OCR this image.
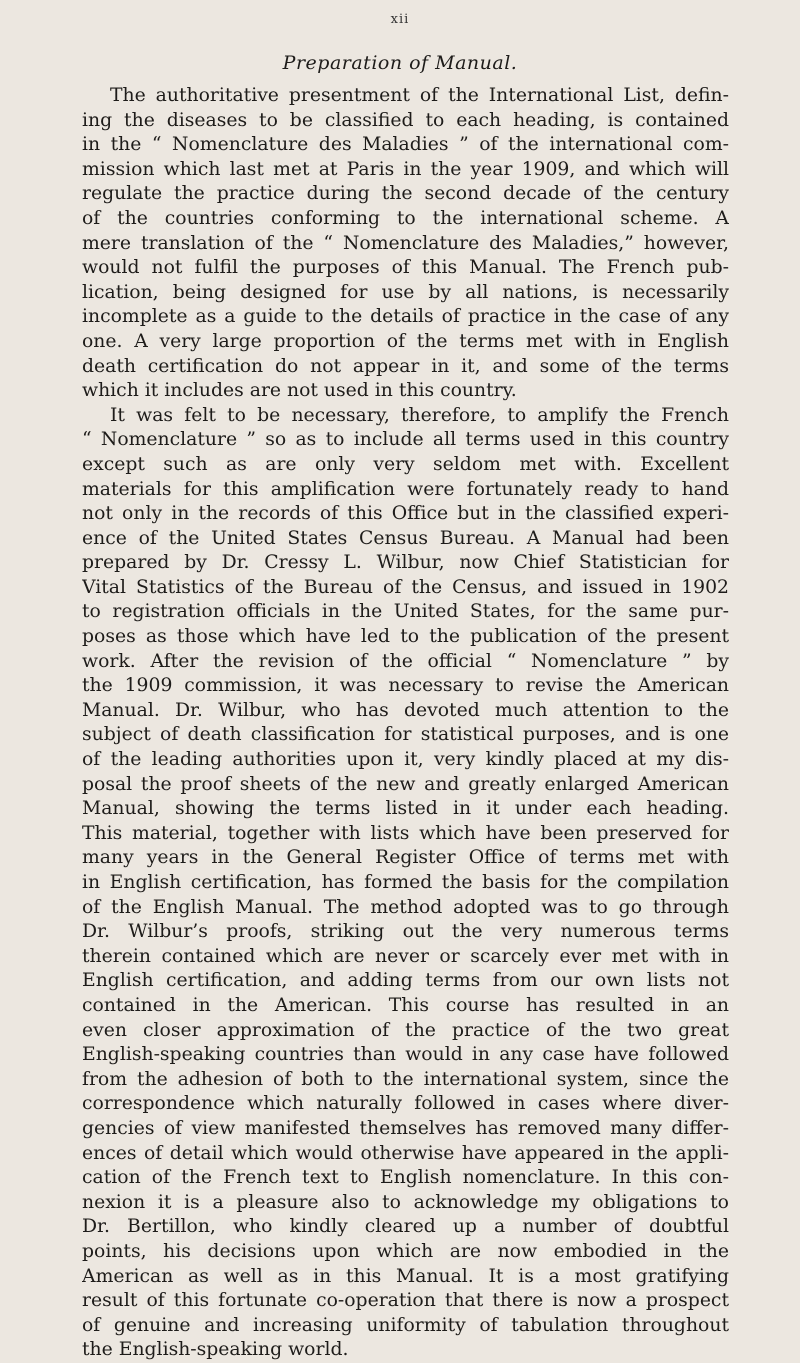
xii
Preparation of Manual.
The authoritative presentment of the International List, defin-
ing the diseases to be classified to each heading, is contained
in the “ Nomenclature des Maladies ” of the international com-
mission which last met at Paris in the year 1909, and which will
regulate the practice during the second decade of the century
of the countries conforming to the international scheme. A
mere translation of the “ Nomenclature des Maladies,” however,
would not fulfil the purposes of this Manual. The French pub-
lication, being designed for use by all nations, is necessarily
incomplete as a guide to the details of practice in the case of any
one. A very large proportion of the terms met with in English
death certification do not appear in it, and some of the terms
which it includes are not used in this country.
It was felt to be necessary, therefore, to amplify the French
“ Nomenclature ” so as to include all terms used in this country
except such as are only very seldom met with. Excellent
materials for this amplification were fortunately ready to hand
not only in the records of this Office but in the classified experi-
ence of the United States Census Bureau. A Manual had been
prepared by Dr. Cressy L. Wilbur, now Chief Statistician for
Vital Statistics of the Bureau of the Census, and issued in 1902
to registration officials in the United States, for the same pur-
poses as those which have led to the publication of the present
work. After the revision of the official “ Nomenclature ” by
the 1909 commission, it was necessary to revise the American
Manual. Dr. Wilbur, who has devoted much attention to the
subject of death classification for statistical purposes, and is one
of the leading authorities upon it, very kindly placed at my dis-
posal the proof sheets of the new and greatly enlarged American
Manual, showing the terms listed in it under each heading.
This material, together with lists which have been preserved for
many years in the General Register Office of terms met with
in English certification, has formed the basis for the compilation
of the English Manual. The method adopted was to go through
Dr. Wilbur’s proofs, striking out the very numerous terms
therein contained which are never or scarcely ever met with in
English certification, and adding terms from our own lists not
contained in the American. This course has resulted in an
even closer approximation of the practice of the two great
English-speaking countries than would in any case have followed
from the adhesion of both to the international system, since the
correspondence which naturally followed in cases where diver-
gencies of view manifested themselves has removed many differ-
ences of detail which would otherwise have appeared in the appli-
cation of the French text to English nomenclature. In this con-
nexion it is a pleasure also to acknowledge my obligations to
Dr. Bertillon, who kindly cleared up a number of doubtful
points, his decisions upon which are now embodied in the
American as well as in this Manual. It is a most gratifying
result of this fortunate co-operation that there is now a prospect
of genuine and increasing uniformity of tabulation throughout
the English-speaking world.
